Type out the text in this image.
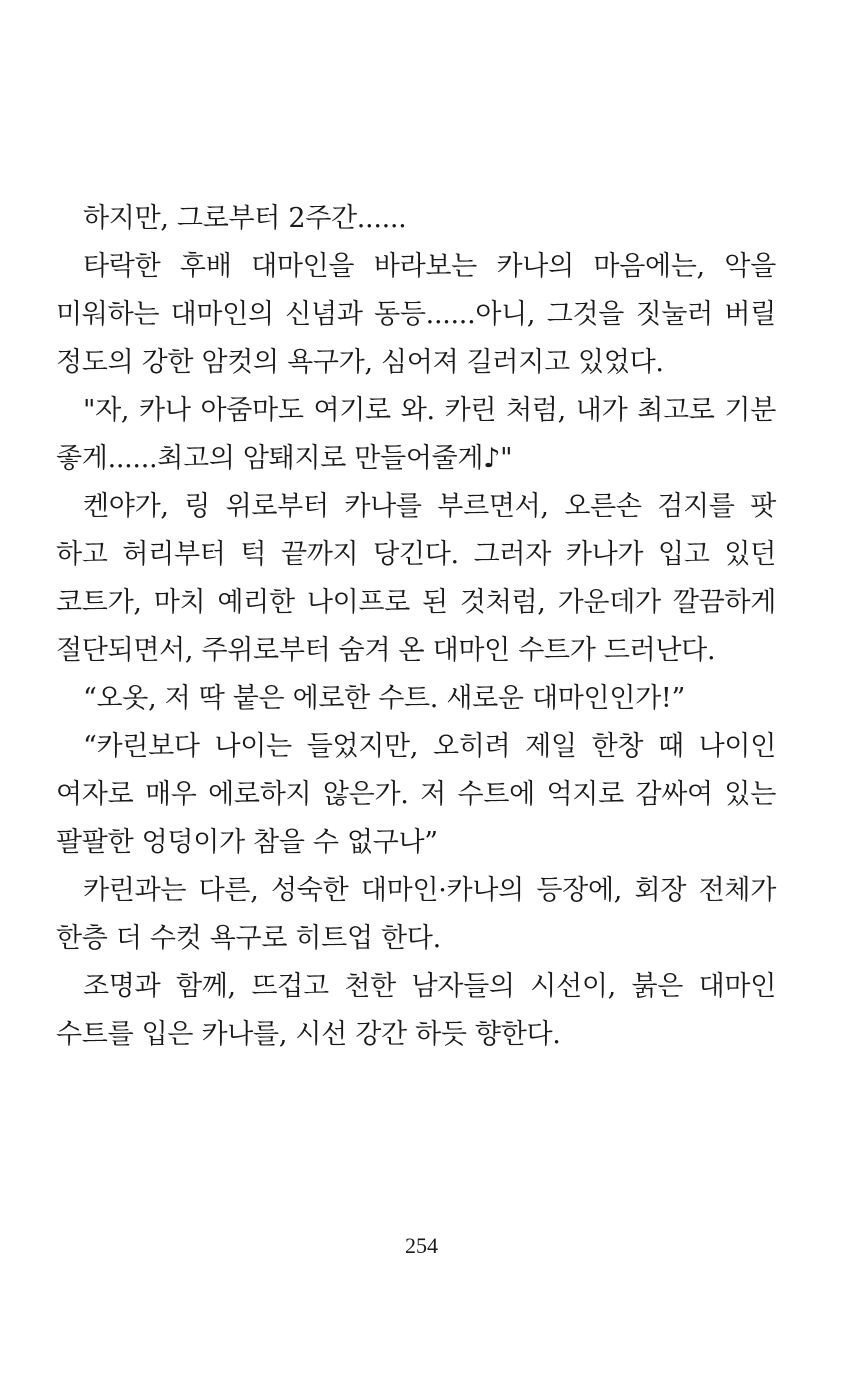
하지만, 그로부터 2주간......

타락한 후배 대마인을 바라보는 카나의 마음에는, 악을 미워하는 대마인의 신념과 동등......아니, 그것을 짓눌러 버릴 정도의 강한 암컷의 욕구가, 심어져 길러지고 있었다.

"자, 카나 아줌마도 여기로 와. 카린 처럼, 내가 최고로 기분 좋게......최고의 암퇘지로 만들어줄게♪"

켄야가, 링 위로부터 카나를 부르면서, 오른손 검지를 팟 하고 허리부터 턱 끝까지 당긴다. 그러자 카나가 입고 있던 코트가, 마치 예리한 나이프로 된 것처럼, 가운데가 깔끔하게 절단되면서, 주위로부터 숨겨 온 대마인 수트가 드러난다.

“오옷, 저 딱 붙은 에로한 수트. 새로운 대마인인가!”

“카린보다 나이는 들었지만, 오히려 제일 한창 때 나이인 여자로 매우 에로하지 않은가. 저 수트에 억지로 감싸여 있는 팔팔한 엉덩이가 참을 수 없구나”

카린과는 다른, 성숙한 대마인·카나의 등장에, 회장 전체가 한층 더 수컷 욕구로 히트업 한다.

조명과 함께, 뜨겁고 천한 남자들의 시선이, 붉은 대마인 수트를 입은 카나를, 시선 강간 하듯 향한다.

254
